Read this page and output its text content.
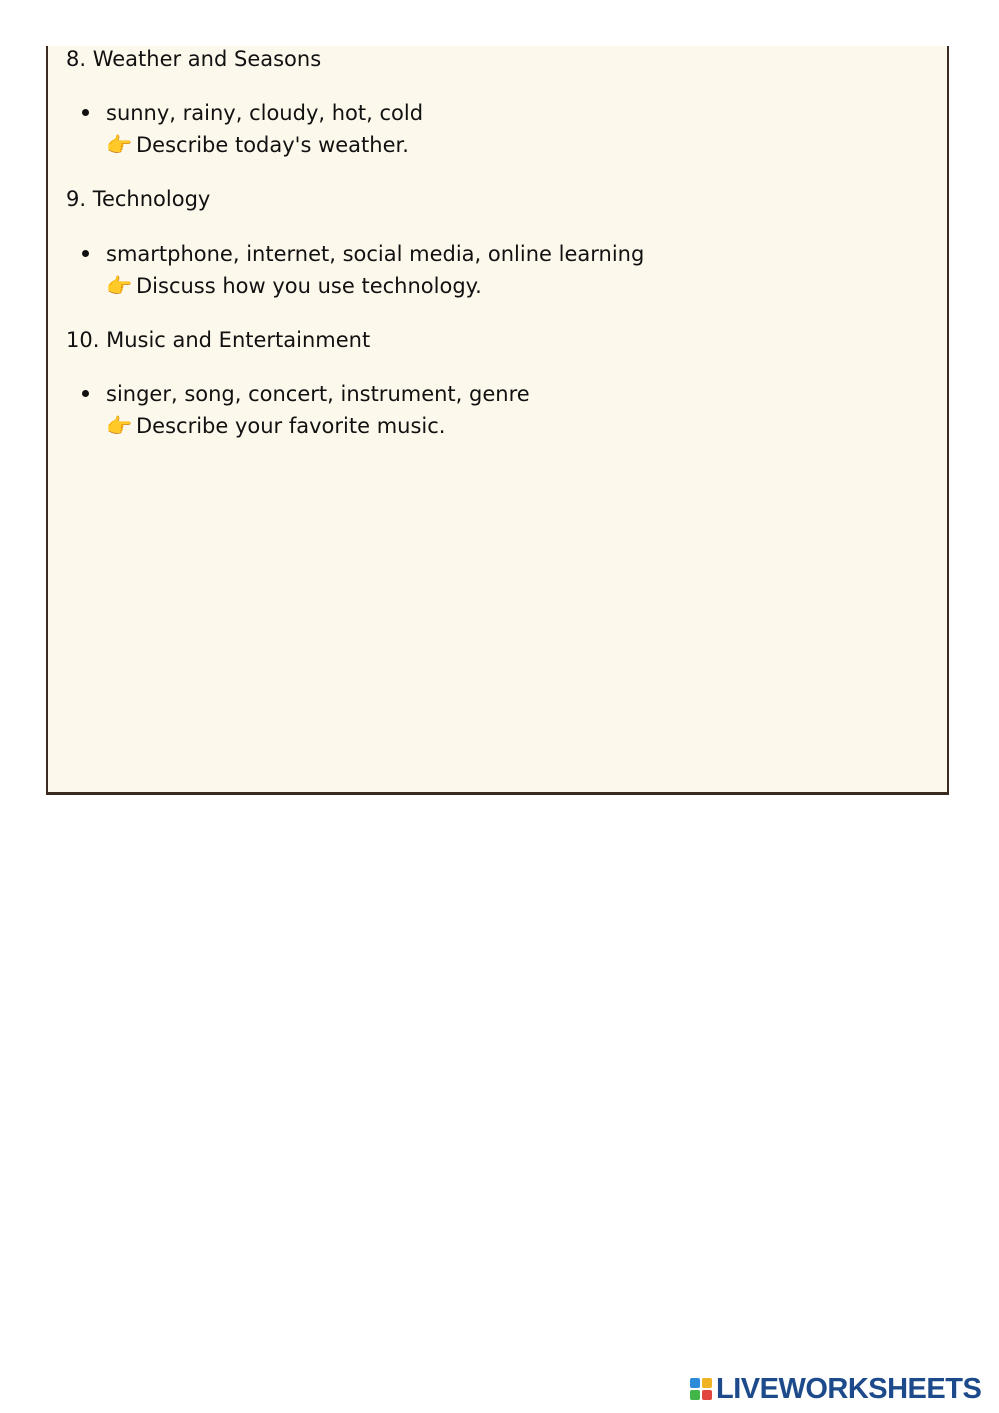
8. Weather and Seasons
sunny, rainy, cloudy, hot, cold
👉 Describe today's weather.
9. Technology
smartphone, internet, social media, online learning
👉 Discuss how you use technology.
10. Music and Entertainment
singer, song, concert, instrument, genre
👉 Describe your favorite music.
LIVEWORKSHEETS
